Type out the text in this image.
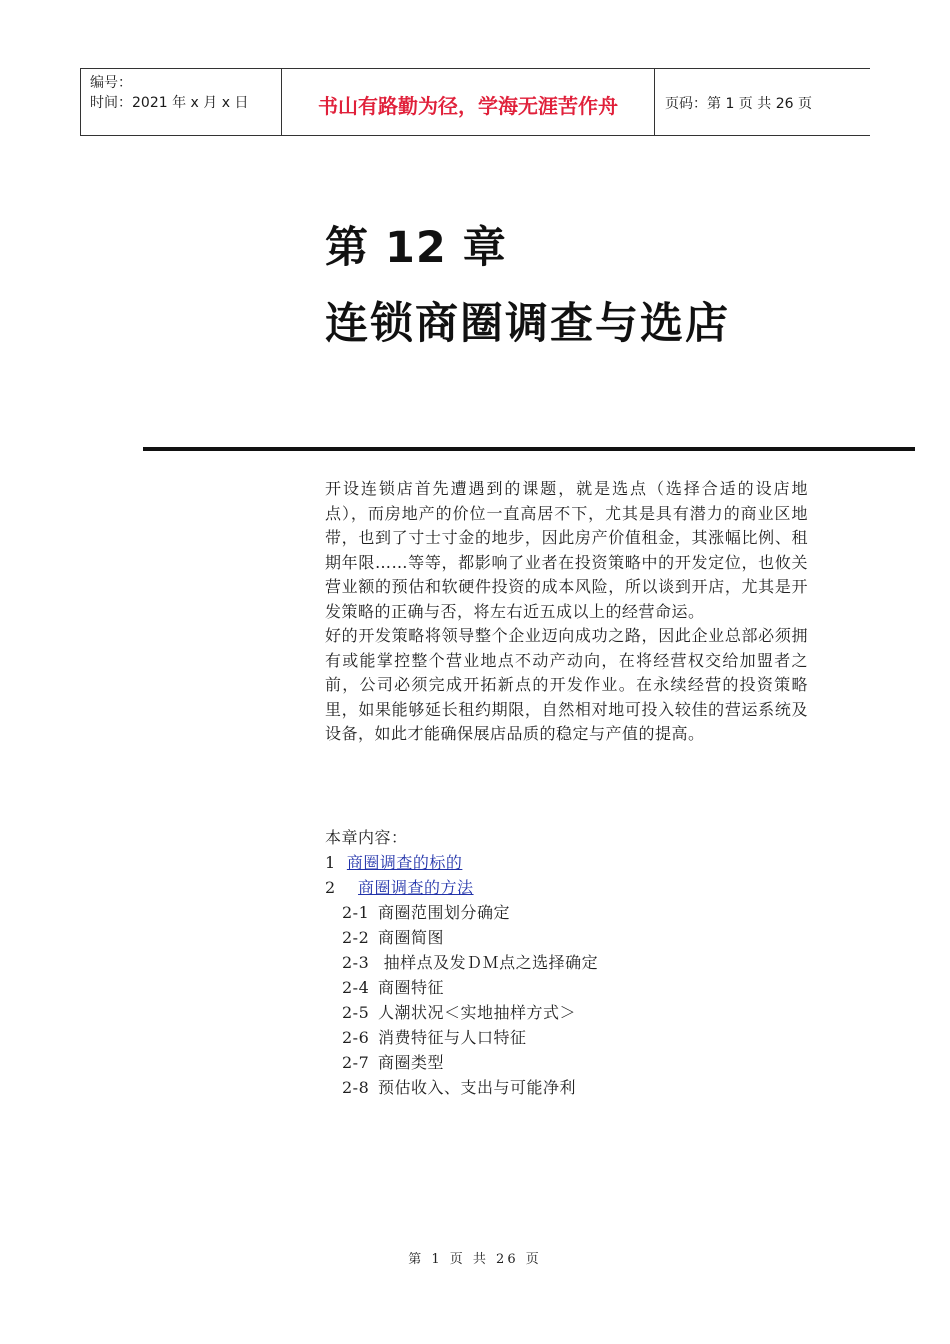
编号：
时间：2021 年 x 月 x 日	书山有路勤为径，学海无涯苦作舟	页码：第 1 页 共 26 页
第 12 章
连锁商圈调查与选店

开设连锁店首先遭遇到的课题，就是选点（选择合适的设店地点），而房地产的价位一直高居不下，尤其是具有潜力的商业区地带，也到了寸士寸金的地步，因此房产价值租金，其涨幅比例、租期年限……等等，都影响了业者在投资策略中的开发定位，也攸关营业额的预估和软硬件投资的成本风险，所以谈到开店，尤其是开发策略的正确与否，将左右近五成以上的经营命运。

好的开发策略将领导整个企业迈向成功之路，因此企业总部必须拥有或能掌控整个营业地点不动产动向，在将经营权交给加盟者之前，公司必须完成开拓新点的开发作业。在永续经营的投资策略里，如果能够延长租约期限，自然相对地可投入较佳的营运系统及设备，如此才能确保展店品质的稳定与产值的提高。

本章内容：

1 商圈调查的标的

2 商圈调查的方法

2-1 商圈范围划分确定

2-2 商圈简图

2-3 抽样点及发ＤＭ点之选择确定

2-4 商圈特征

2-5 人潮状况＜实地抽样方式＞

2-6 消费特征与人口特征

2-7 商圈类型

2-8 预估收入、支出与可能净利

第 1 页 共 26 页
